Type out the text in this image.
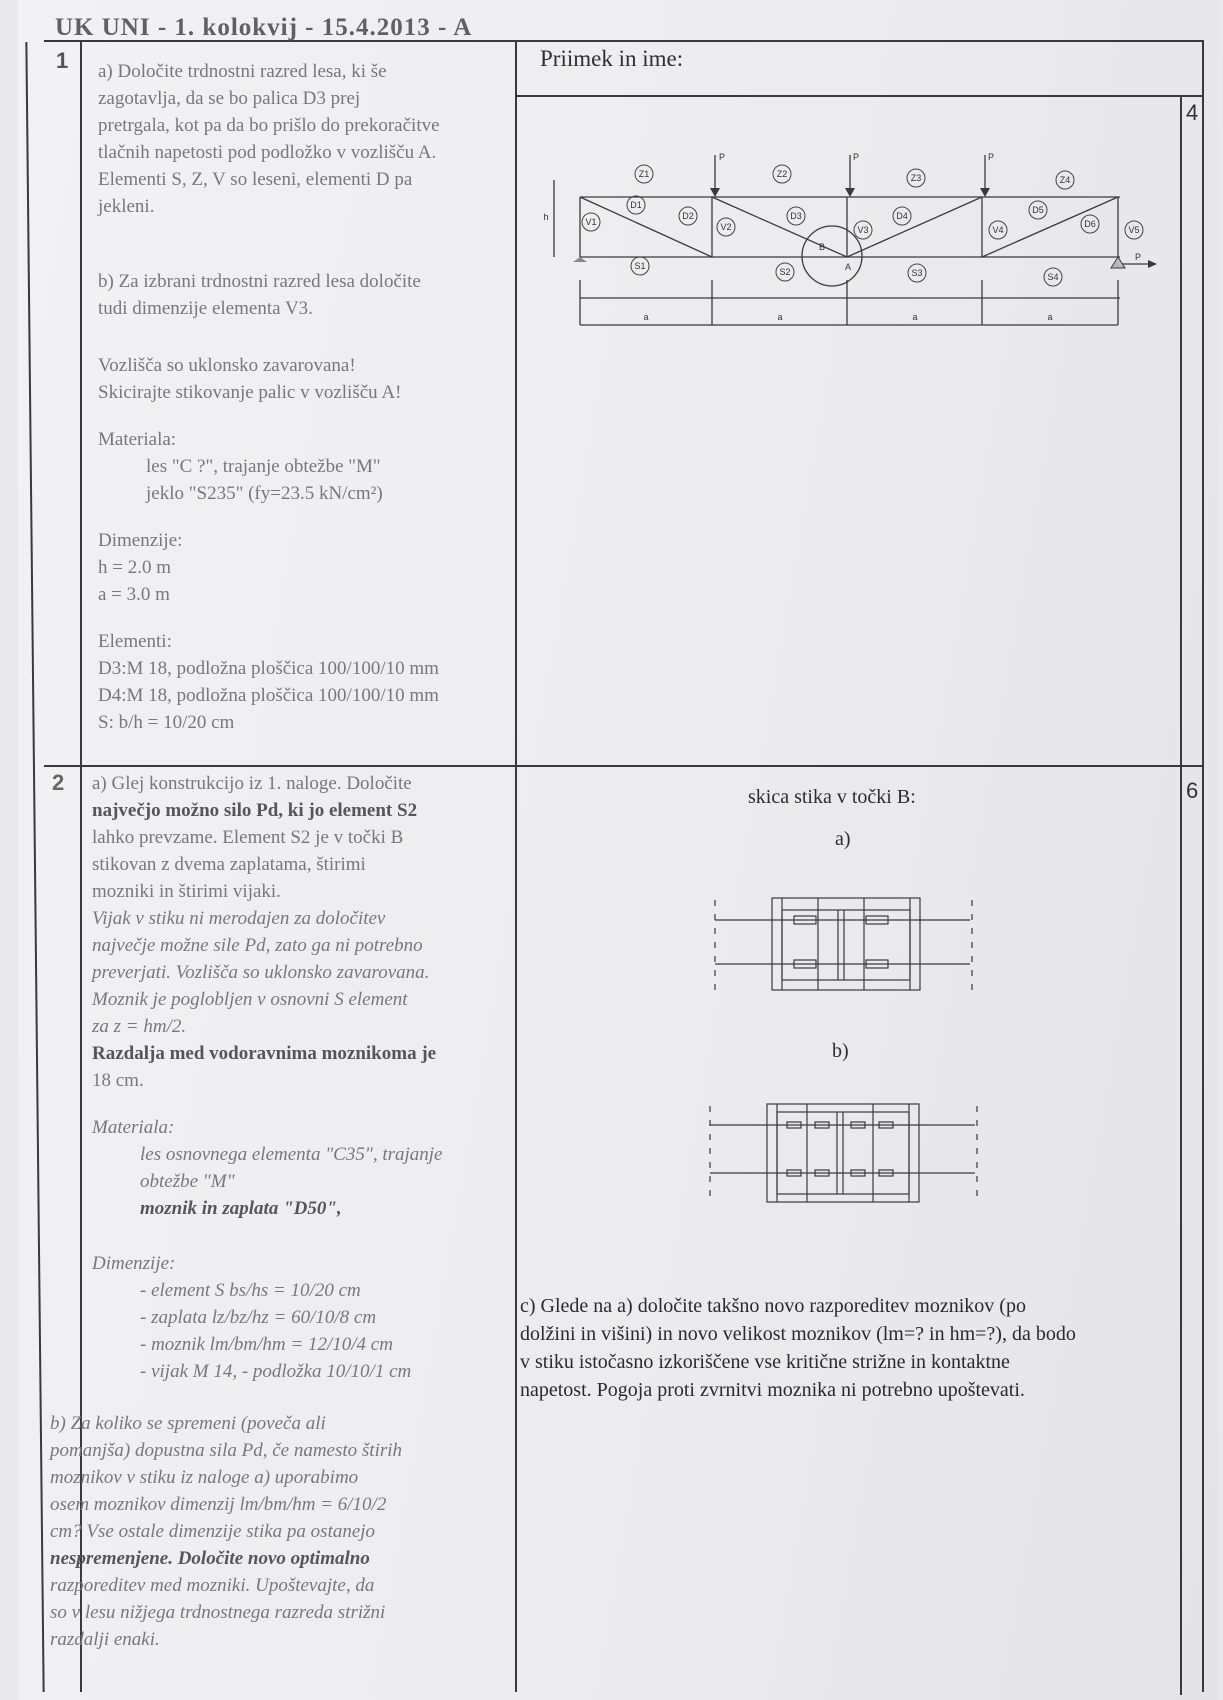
UK UNI - 1. kolokvij - 15.4.2013 - A
Priimek in ime:
1
4

a) Določite trdnostni razred lesa, ki še

zagotavlja, da se bo palica D3 prej

pretrgala, kot pa da bo prišlo do prekoračitve

tlačnih napetosti pod podložko v vozlišču A.

Elementi S, Z, V so leseni, elementi D pa

jekleni.

b) Za izbrani trdnostni razred lesa določite

tudi dimenzije elementa V3.

Vozlišča so uklonsko zavarovana!

Skicirajte stikovanje palic v vozlišču A!

Materiala:

les "C ?", trajanje obtežbe "M"

jeklo "S235" (fy=23.5 kN/cm²)

Dimenzije:

h = 2.0 m

a = 3.0 m

Elementi:

D3:M 18, podložna ploščica 100/100/10 mm

D4:M 18, podložna ploščica 100/100/10 mm

S: b/h = 10/20 cm

Z1	Z2	Z3	Z4
D1
D2	D3	D4
D5
D6
V1	V2	V3	V4	V5
S1
S2	S3	S4
P	P	P
P
h
A
B
a	a	a	a
2	6

a) Glej konstrukcijo iz 1. naloge. Določite

največjo možno silo Pd, ki jo element S2

lahko prevzame. Element S2 je v točki B

stikovan z dvema zaplatama, štirimi

mozniki in štirimi vijaki.

Vijak v stiku ni merodajen za določitev

največje možne sile Pd, zato ga ni potrebno

preverjati. Vozlišča so uklonsko zavarovana.

Moznik je poglobljen v osnovni S element

za z = hm/2.

Razdalja med vodoravnima moznikoma je

18 cm.

Materiala:

les osnovnega elementa "C35", trajanje

obtežbe "M"

moznik in zaplata "D50",

Dimenzije:

- element S bs/hs = 10/20 cm

- zaplata lz/bz/hz = 60/10/8 cm

- moznik lm/bm/hm = 12/10/4 cm

- vijak M 14, - podložka 10/10/1 cm

b) Za koliko se spremeni (poveča ali

pomanjša) dopustna sila Pd, če namesto štirih

moznikov v stiku iz naloge a) uporabimo

osem moznikov dimenzij lm/bm/hm = 6/10/2

cm? Vse ostale dimenzije stika pa ostanejo

nespremenjene. Določite novo optimalno

razporeditev med mozniki. Upoštevajte, da

so v lesu nižjega trdnostnega razreda strižni

razdalji enaki.

skica stika v točki B:
a)
b)

c) Glede na a) določite takšno novo razporeditev moznikov (po

dolžini in višini) in novo velikost moznikov (lm=? in hm=?), da bodo

v stiku istočasno izkoriščene vse kritične strižne in kontaktne

napetost. Pogoja proti zvrnitvi moznika ni potrebno upoštevati.
